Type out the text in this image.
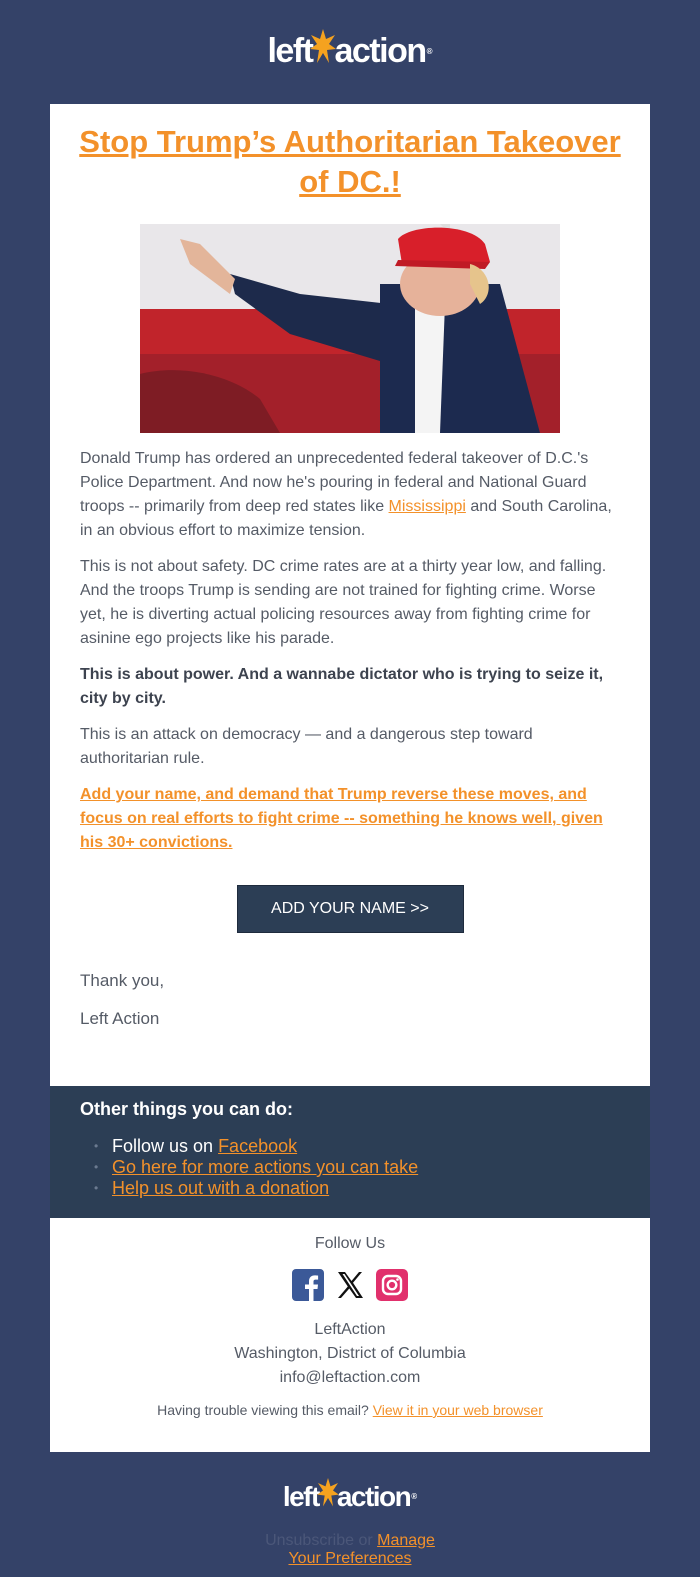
left action ®
Stop Trump’s Authoritarian Takeover of DC.!

Donald Trump has ordered an unprecedented federal takeover of D.C.'s Police Department. And now he's pouring in federal and National Guard troops -- primarily from deep red states like Mississippi and South Carolina, in an obvious effort to maximize tension.

This is not about safety. DC crime rates are at a thirty year low, and falling. And the troops Trump is sending are not trained for fighting crime. Worse yet, he is diverting actual policing resources away from fighting crime for asinine ego projects like his parade.

This is about power. And a wannabe dictator who is trying to seize it, city by city.

This is an attack on democracy — and a dangerous step toward authoritarian rule.

Add your name, and demand that Trump reverse these moves, and focus on real efforts to fight crime -- something he knows well, given his 30+ convictions.

ADD YOUR NAME >>

Thank you,

Left Action

Other things you can do:
• Follow us on Facebook
• Go here for more actions you can take
• Help us out with a donation
Follow Us
LeftAction
Washington, District of Columbia
info@leftaction.com
Having trouble viewing this email? View it in your web browser
left action ®
Unsubscribe or Manage Your Preferences
